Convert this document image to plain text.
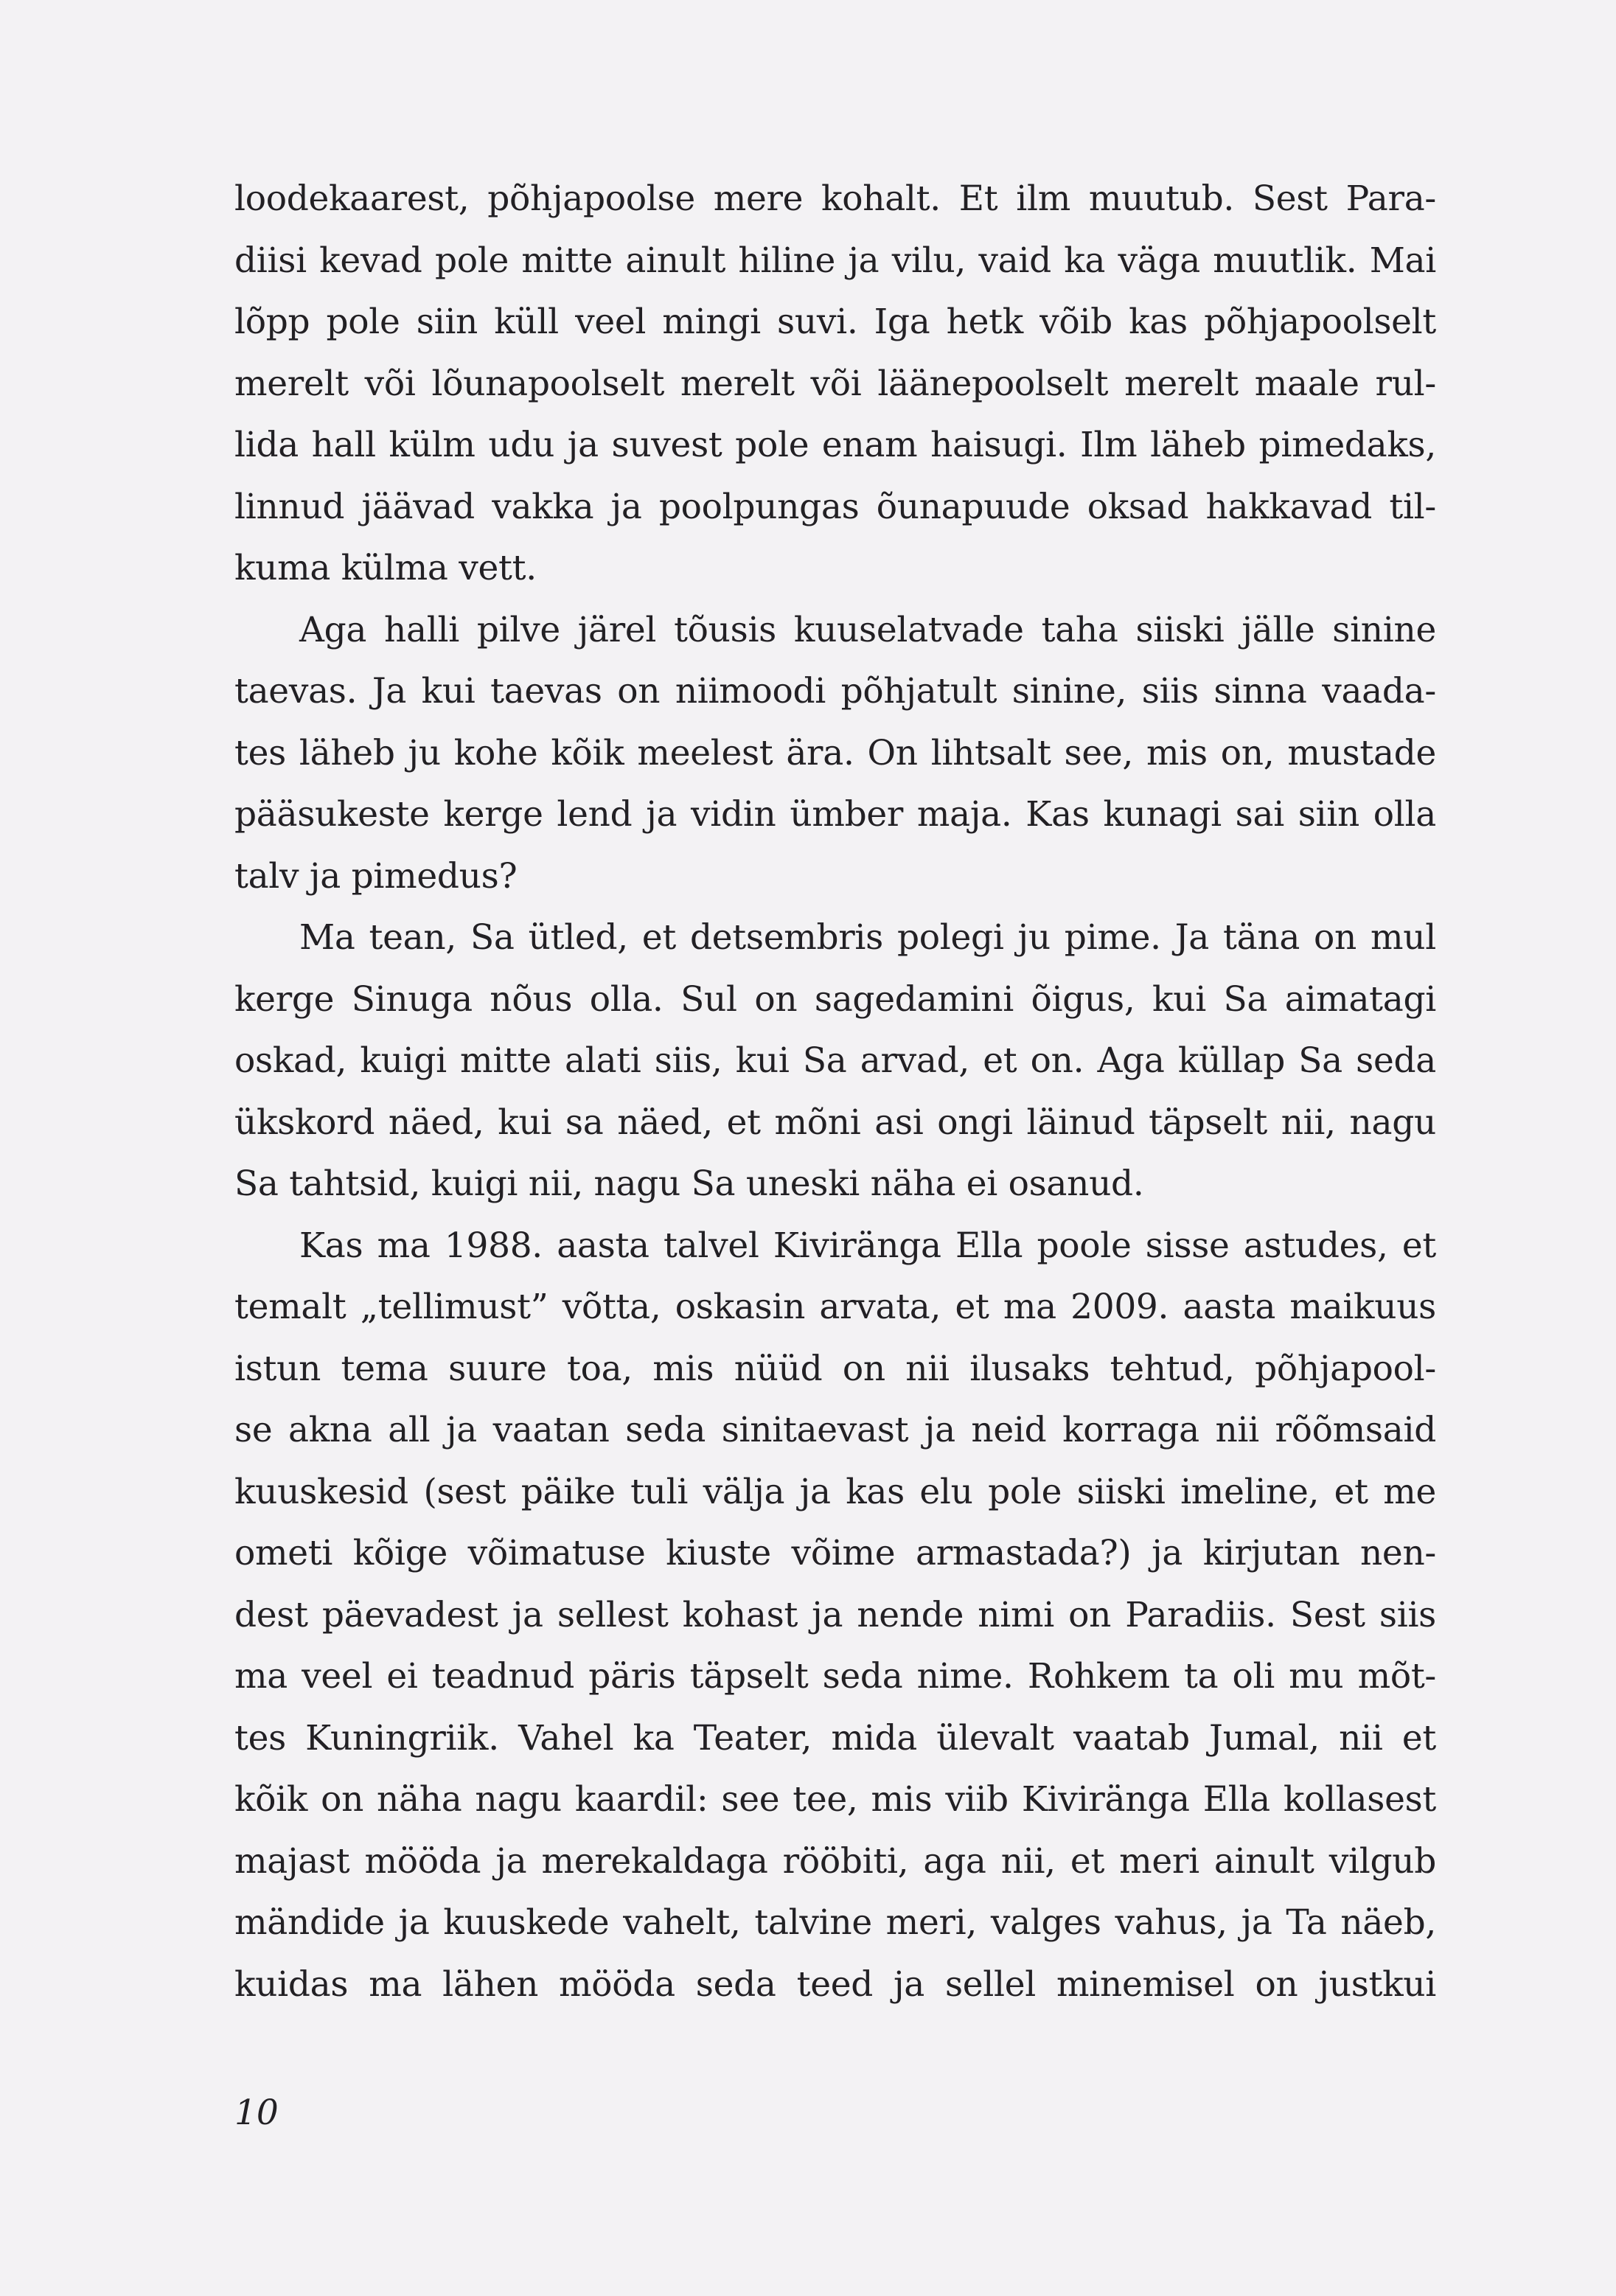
loodekaarest, põhjapoolse mere kohalt. Et ilm muutub. Sest Para-
diisi kevad pole mitte ainult hiline ja vilu, vaid ka väga muutlik. Mai
lõpp pole siin küll veel mingi suvi. Iga hetk võib kas põhjapoolselt
merelt või lõunapoolselt merelt või läänepoolselt merelt maale rul-
lida hall külm udu ja suvest pole enam haisugi. Ilm läheb pimedaks,
linnud jäävad vakka ja poolpungas õunapuude oksad hakkavad til-
kuma külma vett.
Aga halli pilve järel tõusis kuuselatvade taha siiski jälle sinine
taevas. Ja kui taevas on niimoodi põhjatult sinine, siis sinna vaada-
tes läheb ju kohe kõik meelest ära. On lihtsalt see, mis on, mustade
pääsukeste kerge lend ja vidin ümber maja. Kas kunagi sai siin olla
talv ja pimedus?
Ma tean, Sa ütled, et detsembris polegi ju pime. Ja täna on mul
kerge Sinuga nõus olla. Sul on sagedamini õigus, kui Sa aimatagi
oskad, kuigi mitte alati siis, kui Sa arvad, et on. Aga küllap Sa seda
ükskord näed, kui sa näed, et mõni asi ongi läinud täpselt nii, nagu
Sa tahtsid, kuigi nii, nagu Sa uneski näha ei osanud.
Kas ma 1988. aasta talvel Kiviränga Ella poole sisse astudes, et
temalt „tellimust” võtta, oskasin arvata, et ma 2009. aasta maikuus
istun tema suure toa, mis nüüd on nii ilusaks tehtud, põhjapool-
se akna all ja vaatan seda sinitaevast ja neid korraga nii rõõmsaid
kuuskesid (sest päike tuli välja ja kas elu pole siiski imeline, et me
ometi kõige võimatuse kiuste võime armastada?) ja kirjutan nen-
dest päevadest ja sellest kohast ja nende nimi on Paradiis. Sest siis
ma veel ei teadnud päris täpselt seda nime. Rohkem ta oli mu mõt-
tes Kuningriik. Vahel ka Teater, mida ülevalt vaatab Jumal, nii et
kõik on näha nagu kaardil: see tee, mis viib Kiviränga Ella kollasest
majast mööda ja merekaldaga rööbiti, aga nii, et meri ainult vilgub
mändide ja kuuskede vahelt, talvine meri, valges vahus, ja Ta näeb,
kuidas ma lähen mööda seda teed ja sellel minemisel on justkui
10
